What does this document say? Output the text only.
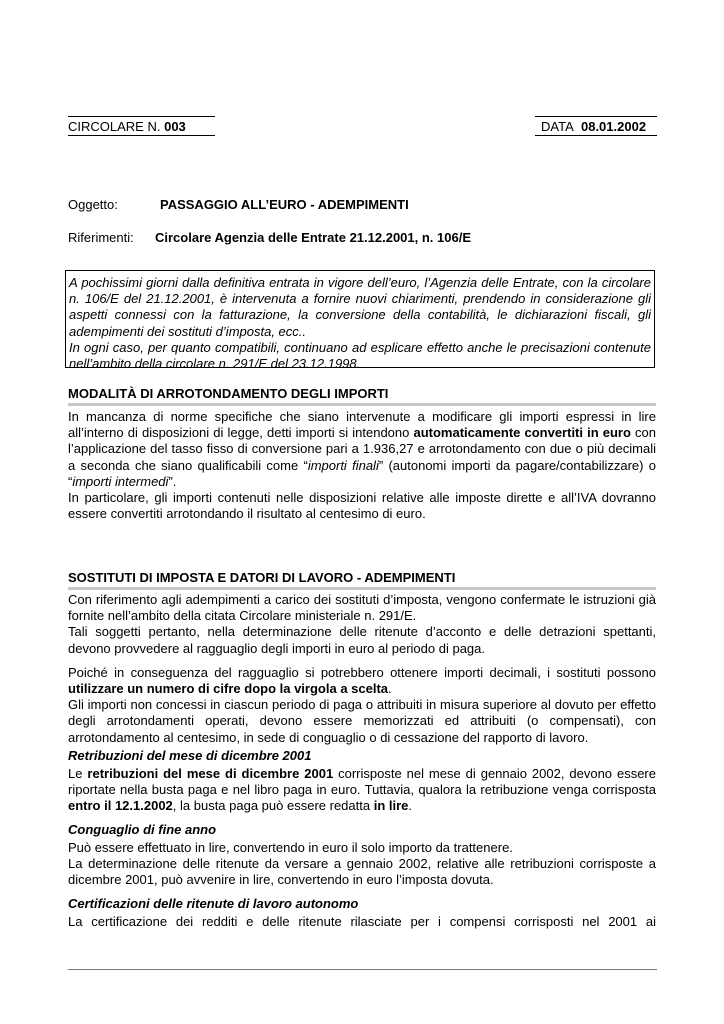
CIRCOLARE N. 003	DATA 08.01.2002
Oggetto:	PASSAGGIO ALL’EURO - ADEMPIMENTI
Riferimenti: Circolare Agenzia delle Entrate 21.12.2001, n. 106/E

A pochissimi giorni dalla definitiva entrata in vigore dell’euro, l’Agenzia delle Entrate, con la circolare n. 106/E del 21.12.2001, è intervenuta a fornire nuovi chiarimenti, prendendo in considerazione gli aspetti connessi con la fatturazione, la conversione della contabilità, le dichiarazioni fiscali, gli adempimenti dei sostituti d’imposta, ecc..

In ogni caso, per quanto compatibili, continuano ad esplicare effetto anche le precisazioni contenute nell’ambito della circolare n. 291/E del 23.12.1998.

MODALITÀ DI ARROTONDAMENTO DEGLI IMPORTI

In mancanza di norme specifiche che siano intervenute a modificare gli importi espressi in lire all’interno di disposizioni di legge, detti importi si intendono automaticamente convertiti in euro con l’applicazione del tasso fisso di conversione pari a 1.936,27 e arrotondamento con due o più decimali a seconda che siano qualificabili come “importi finali” (autonomi importi da pagare/contabilizzare) o “importi intermedi”.

In particolare, gli importi contenuti nelle disposizioni relative alle imposte dirette e all’IVA dovranno essere convertiti arrotondando il risultato al centesimo di euro.

SOSTITUTI DI IMPOSTA E DATORI DI LAVORO - ADEMPIMENTI

Con riferimento agli adempimenti a carico dei sostituti d’imposta, vengono confermate le istruzioni già fornite nell’ambito della citata Circolare ministeriale n. 291/E.

Tali soggetti pertanto, nella determinazione delle ritenute d’acconto e delle detrazioni spettanti, devono provvedere al ragguaglio degli importi in euro al periodo di paga.

Poiché in conseguenza del ragguaglio si potrebbero ottenere importi decimali, i sostituti possono utilizzare un numero di cifre dopo la virgola a scelta.

Gli importi non concessi in ciascun periodo di paga o attribuiti in misura superiore al dovuto per effetto degli arrotondamenti operati, devono essere memorizzati ed attribuiti (o compensati), con arrotondamento al centesimo, in sede di conguaglio o di cessazione del rapporto di lavoro.

Retribuzioni del mese di dicembre 2001

Le retribuzioni del mese di dicembre 2001 corrisposte nel mese di gennaio 2002, devono essere riportate nella busta paga e nel libro paga in euro. Tuttavia, qualora la retribuzione venga corrisposta entro il 12.1.2002, la busta paga può essere redatta in lire.

Conguaglio di fine anno

Può essere effettuato in lire, convertendo in euro il solo importo da trattenere.

La determinazione delle ritenute da versare a gennaio 2002, relative alle retribuzioni corrisposte a dicembre 2001, può avvenire in lire, convertendo in euro l’imposta dovuta.

Certificazioni delle ritenute di lavoro autonomo

La certificazione dei redditi e delle ritenute rilasciate per i compensi corrisposti nel 2001 ai
